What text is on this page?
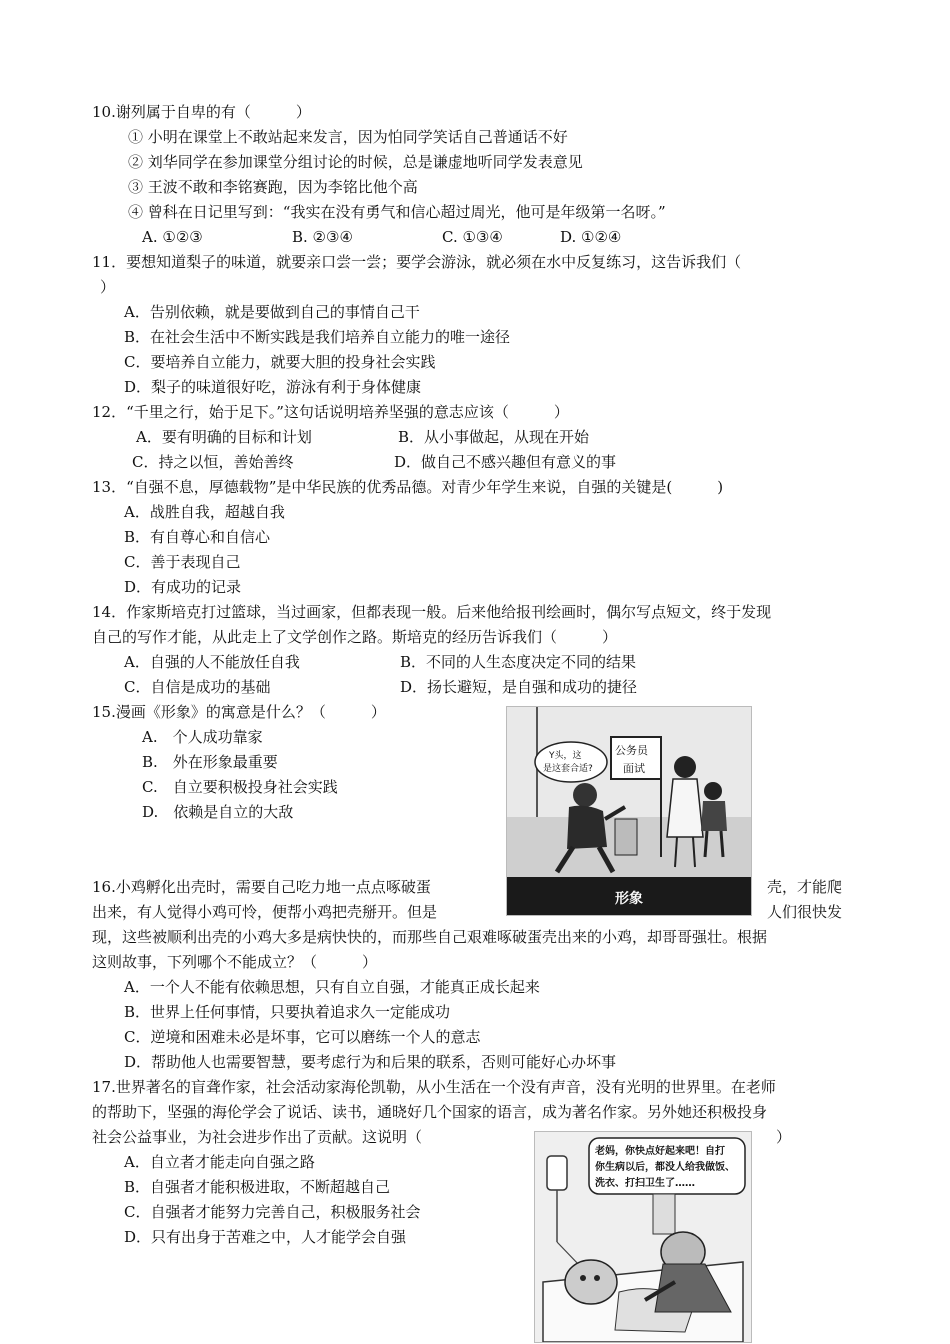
10.谢列属于自卑的有（　　　）
① 小明在课堂上不敢站起来发言，因为怕同学笑话自己普通话不好
② 刘华同学在参加课堂分组讨论的时候，总是谦虚地听同学发表意见
③ 王波不敢和李铭赛跑，因为李铭比他个高
④ 曾科在日记里写到：“我实在没有勇气和信心超过周光，他可是年级第一名呀。”
A. ①②③	B. ②③④	C. ①③④	D. ①②④
11．要想知道梨子的味道，就要亲口尝一尝；要学会游泳，就必须在水中反复练习，这告诉我们（
）
A．告别依赖，就是要做到自己的事情自己干
B．在社会生活中不断实践是我们培养自立能力的唯一途径
C．要培养自立能力，就要大胆的投身社会实践
D．梨子的味道很好吃，游泳有利于身体健康
12．“千里之行，始于足下。”这句话说明培养坚强的意志应该（　　　）
A．要有明确的目标和计划	B．从小事做起，从现在开始
C．持之以恒，善始善终	D．做自己不感兴趣但有意义的事
13．“自强不息，厚德载物”是中华民族的优秀品德。对青少年学生来说，自强的关键是(　　　)
A．战胜自我，超越自我
B．有自尊心和自信心
C．善于表现自己
D．有成功的记录
14．作家斯培克打过篮球，当过画家，但都表现一般。后来他给报刊绘画时，偶尔写点短文，终于发现
自己的写作才能，从此走上了文学创作之路。斯培克的经历告诉我们（　　　）
A．自强的人不能放任自我	B．不同的人生态度决定不同的结果
C．自信是成功的基础	D．扬长避短，是自强和成功的捷径
15.漫画《形象》的寓意是什么？（　　　）
A.　个人成功靠家
B.　外在形象最重要
C.　自立要积极投身社会实践
D.　依赖是自立的大敌
公务员
面试
Y头，这
是这套合适?
形象
16.小鸡孵化出壳时，需要自己吃力地一点点啄破蛋	壳，才能爬
出来，有人觉得小鸡可怜，便帮小鸡把壳掰开。但是	人们很快发
现，这些被顺利出壳的小鸡大多是病快快的，而那些自己艰难啄破蛋壳出来的小鸡，却哥哥强壮。根据
这则故事，下列哪个不能成立？（　　　）
A．一个人不能有依赖思想，只有自立自强，才能真正成长起来
B．世界上任何事情，只要执着追求久一定能成功
C．逆境和困难未必是坏事，它可以磨练一个人的意志
D．帮助他人也需要智慧，要考虑行为和后果的联系，否则可能好心办坏事
17.世界著名的盲聋作家，社会活动家海伦凯勒，从小生活在一个没有声音，没有光明的世界里。在老师
的帮助下，坚强的海伦学会了说话、读书，通晓好几个国家的语言，成为著名作家。另外她还积极投身
社会公益事业，为社会进步作出了贡献。这说明（	）
A．自立者才能走向自强之路
B．自强者才能积极进取，不断超越自己
C．自强者才能努力完善自己，积极服务社会
D．只有出身于苦难之中，人才能学会自强
老妈，你快点好起来吧！自打
你生病以后，都没人给我做饭、
洗衣、打扫卫生了……
